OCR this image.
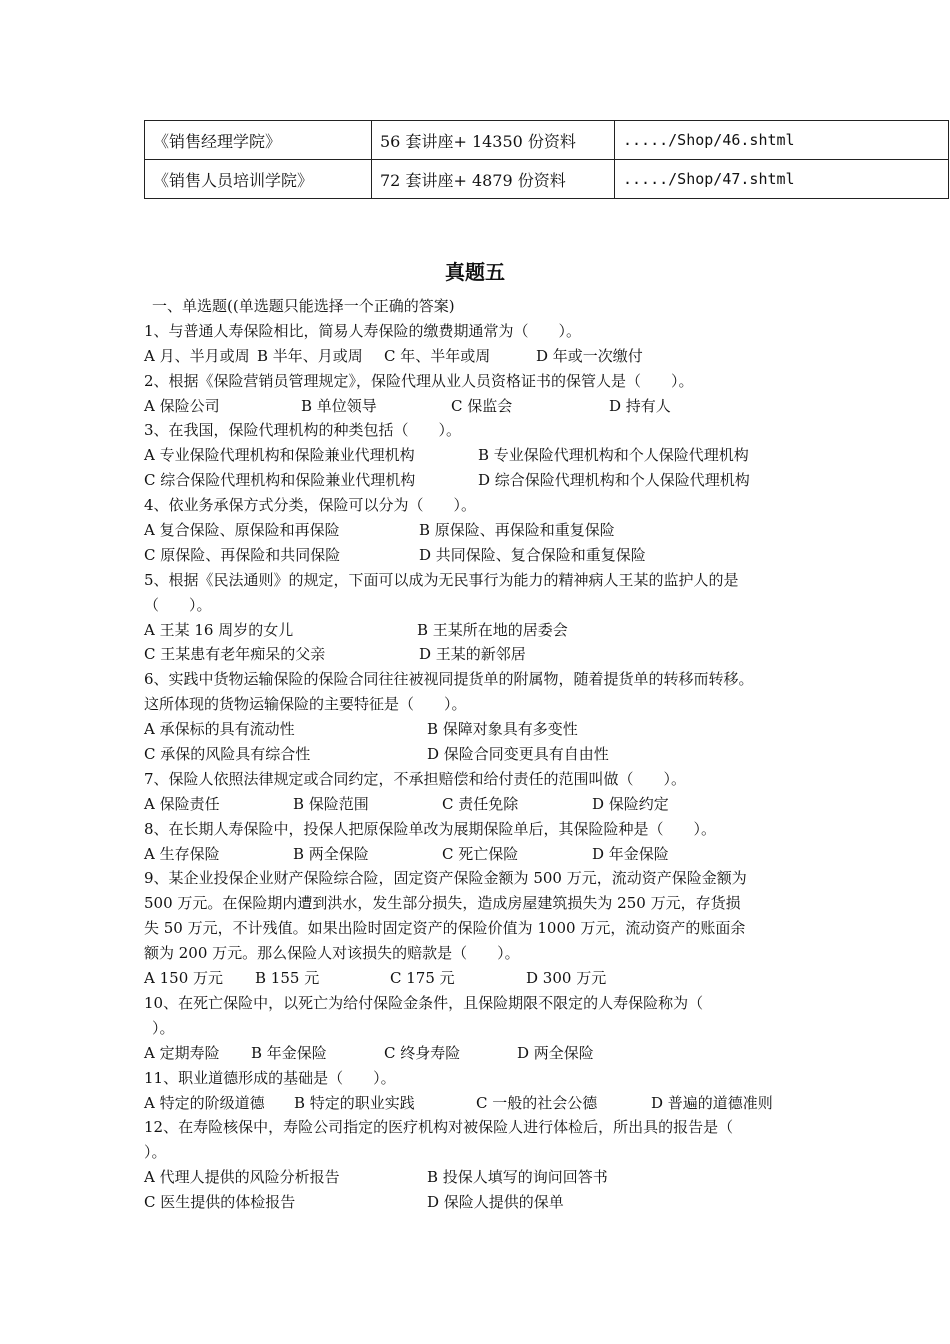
《销售经理学院》	56 套讲座+ 14350 份资料	...../Shop/46.shtml
《销售人员培训学院》	72 套讲座+ 4879 份资料	...../Shop/47.shtml
真题五
一、单选题((单选题只能选择一个正确的答案)
1、与普通人寿保险相比，简易人寿保险的缴费期通常为（　　）。
A 月、半月或周 B 半年、月或周 C 年、半年或周	D 年或一次缴付
2、根据《保险营销员管理规定》，保险代理从业人员资格证书的保管人是（　　）。
A 保险公司	B 单位领导	C 保监会	D 持有人
3、在我国，保险代理机构的种类包括（　　）。
A 专业保险代理机构和保险兼业代理机构	B 专业保险代理机构和个人保险代理机构
C 综合保险代理机构和保险兼业代理机构	D 综合保险代理机构和个人保险代理机构
4、依业务承保方式分类，保险可以分为（　　）。
A 复合保险、原保险和再保险	B 原保险、再保险和重复保险
C 原保险、再保险和共同保险	D 共同保险、复合保险和重复保险
5、根据《民法通则》的规定，下面可以成为无民事行为能力的精神病人王某的监护人的是
（　　）。
A 王某 16 周岁的女儿	B 王某所在地的居委会
C 王某患有老年痴呆的父亲	D 王某的新邻居
6、实践中货物运输保险的保险合同往往被视同提货单的附属物，随着提货单的转移而转移。
这所体现的货物运输保险的主要特征是（　　）。
A 承保标的具有流动性	B 保障对象具有多变性
C 承保的风险具有综合性	D 保险合同变更具有自由性
7、保险人依照法律规定或合同约定，不承担赔偿和给付责任的范围叫做（　　）。
A 保险责任	B 保险范围	C 责任免除	D 保险约定
8、在长期人寿保险中，投保人把原保险单改为展期保险单后，其保险险种是（　　）。
A 生存保险	B 两全保险	C 死亡保险	D 年金保险
9、某企业投保企业财产保险综合险，固定资产保险金额为 500 万元，流动资产保险金额为
500 万元。在保险期内遭到洪水，发生部分损失，造成房屋建筑损失为 250 万元，存货损
失 50 万元，不计残值。如果出险时固定资产的保险价值为 1000 万元，流动资产的账面余
额为 200 万元。那么保险人对该损失的赔款是（　　）。
A 150 万元 B 155 元	C 175 元	D 300 万元
10、在死亡保险中，以死亡为给付保险金条件，且保险期限不限定的人寿保险称为（
）。
A 定期寿险 B 年金保险	C 终身寿险	D 两全保险
11、职业道德形成的基础是（　　）。
A 特定的阶级道德 B 特定的职业实践	C 一般的社会公德	D 普遍的道德准则
12、在寿险核保中，寿险公司指定的医疗机构对被保险人进行体检后，所出具的报告是（
）。
A 代理人提供的风险分析报告	B 投保人填写的询问回答书
C 医生提供的体检报告	D 保险人提供的保单
